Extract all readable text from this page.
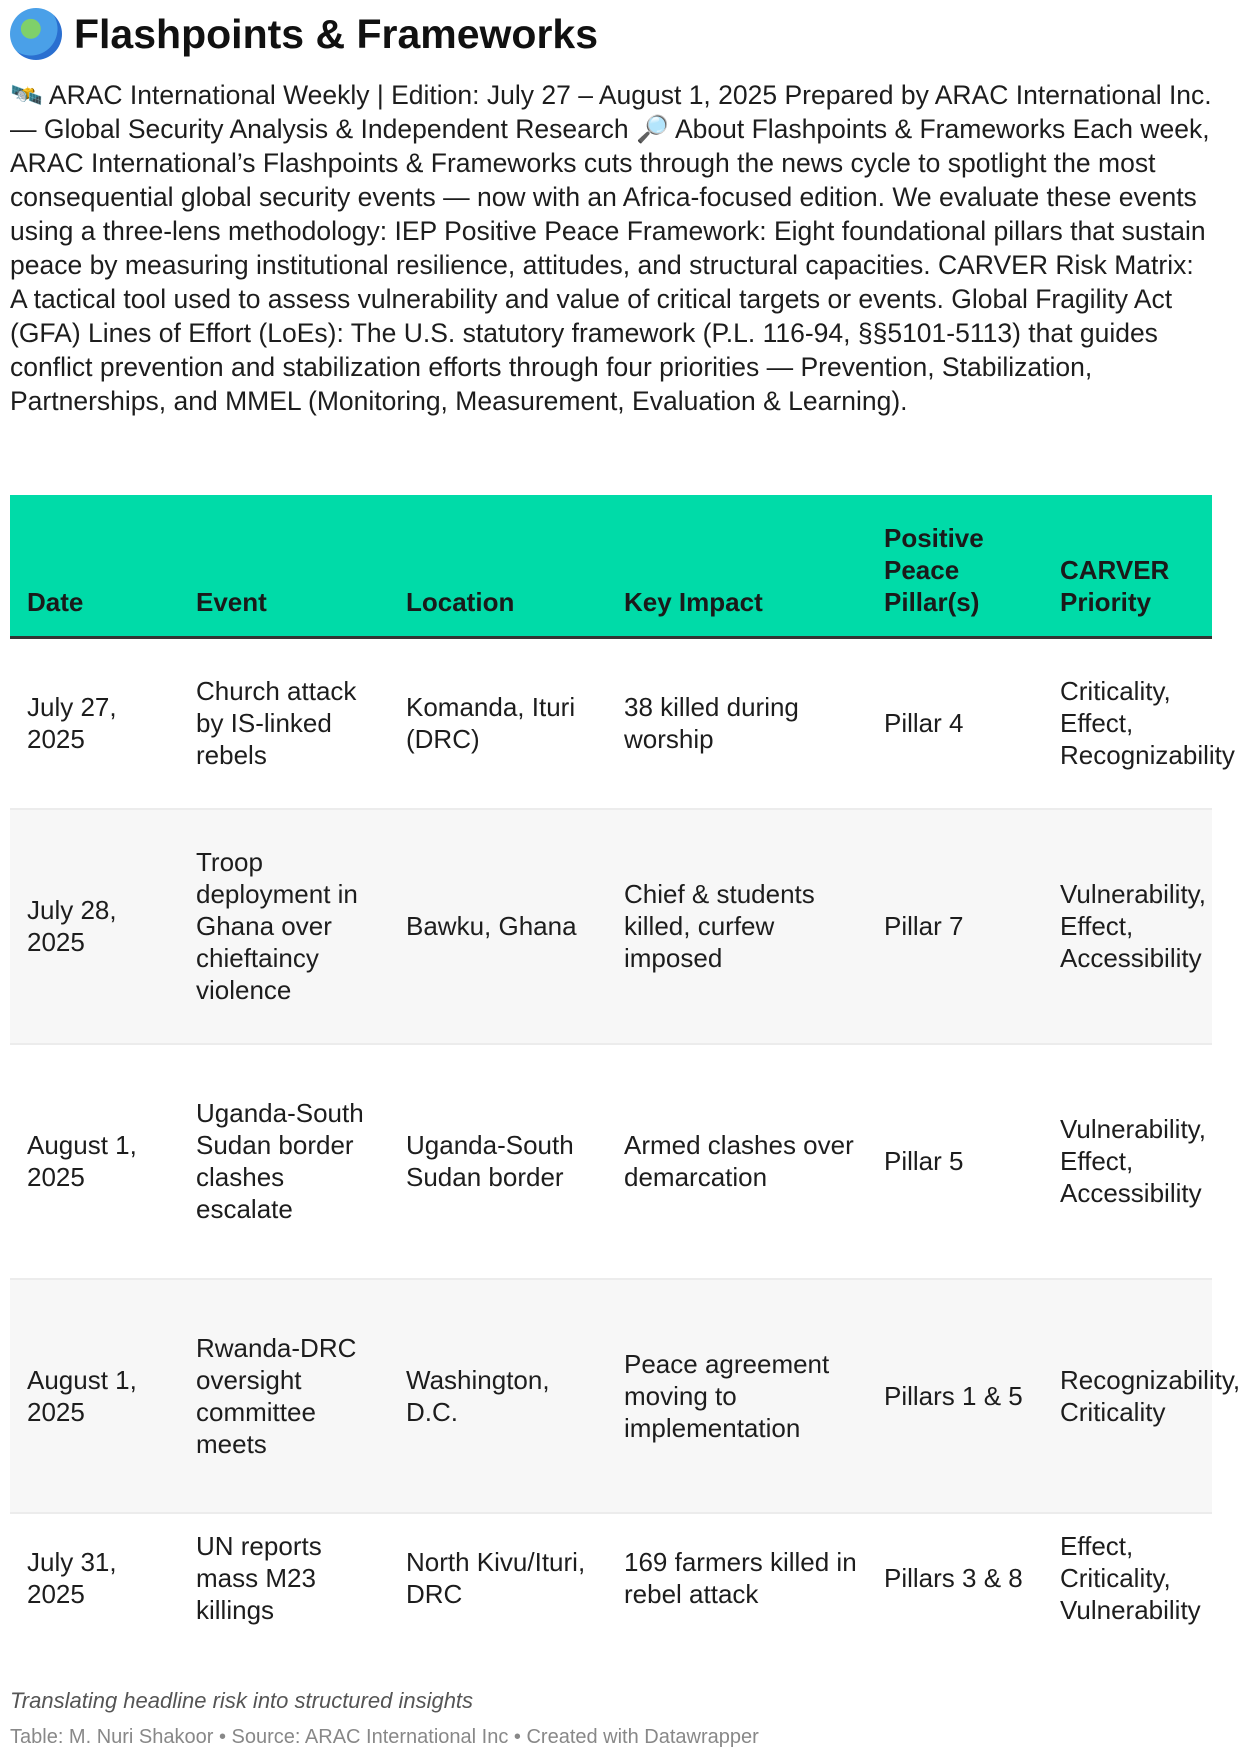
Flashpoints & Frameworks
🛰️ ARAC International Weekly | Edition: July 27 – August 1, 2025 Prepared by ARAC International Inc. — Global Security Analysis & Independent Research 🔎 About Flashpoints & Frameworks Each week, ARAC International’s Flashpoints & Frameworks cuts through the news cycle to spotlight the most consequential global security events — now with an Africa-focused edition. We evaluate these events using a three-lens methodology: IEP Positive Peace Framework: Eight foundational pillars that sustain peace by measuring institutional resilience, attitudes, and structural capacities. CARVER Risk Matrix: A tactical tool used to assess vulnerability and value of critical targets or events. Global Fragility Act (GFA) Lines of Effort (LoEs): The U.S. statutory framework (P.L. 116-94, §§5101-5113) that guides conflict prevention and stabilization efforts through four priorities — Prevention, Stabilization, Partnerships, and MMEL (Monitoring, Measurement, Evaluation & Learning).
Date	Event	Location	Key Impact	Positive Peace Pillar(s)	CARVER Priority
July 27, 2025	Church attack by IS-linked rebels	Komanda, Ituri (DRC)	38 killed during worship	Pillar 4	Criticality, Effect, Recognizability
July 28, 2025	Troop deployment in Ghana over chieftaincy violence	Bawku, Ghana	Chief & students killed, curfew imposed	Pillar 7	Vulnerability, Effect, Accessibility
August 1, 2025	Uganda-South Sudan border clashes escalate	Uganda-South Sudan border	Armed clashes over demarcation	Pillar 5	Vulnerability, Effect, Accessibility
August 1, 2025	Rwanda-DRC oversight committee meets	Washington, D.C.	Peace agreement moving to implementation	Pillars 1 & 5	Recognizability, Criticality
July 31, 2025	UN reports mass M23 killings	North Kivu/Ituri, DRC	169 farmers killed in rebel attack	Pillars 3 & 8	Effect, Criticality, Vulnerability
Translating headline risk into structured insights
Table: M. Nuri Shakoor • Source: ARAC International Inc • Created with Datawrapper
